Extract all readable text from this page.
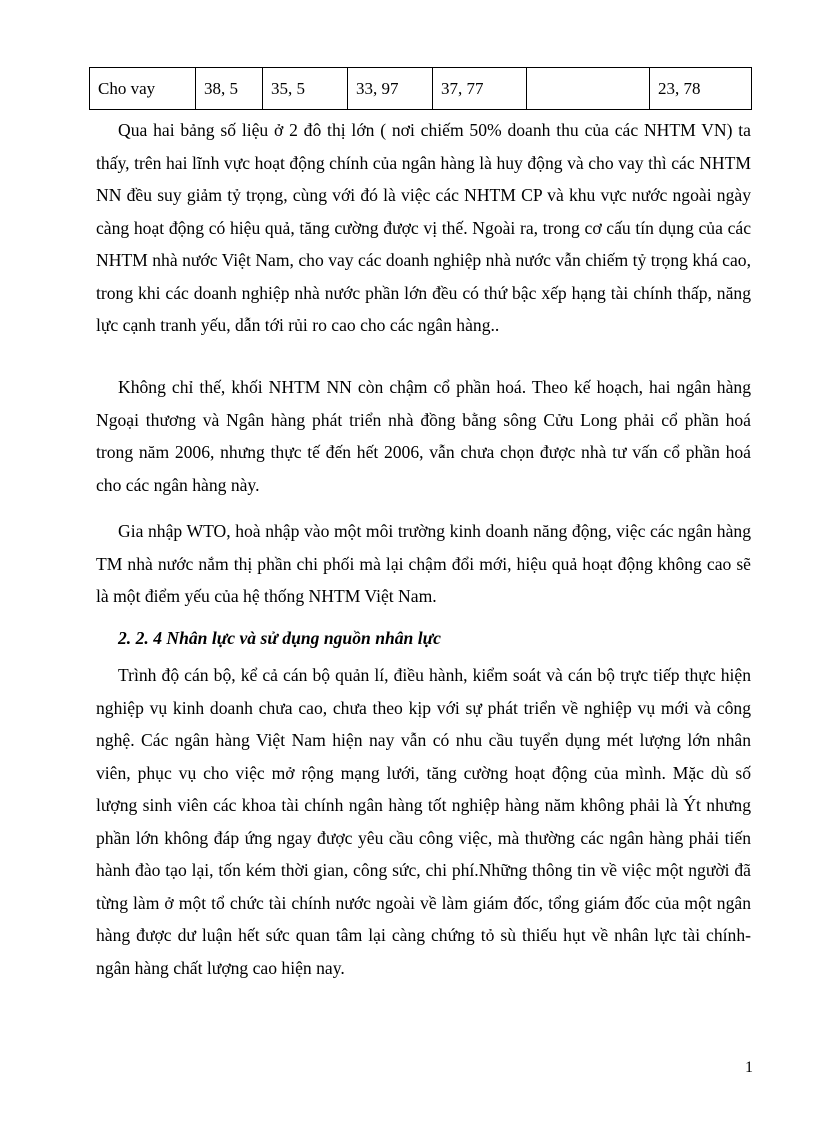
Cho vay	38, 5	35, 5	33, 97	37, 77		23, 78

Qua hai bảng số liệu ở 2 đô thị lớn ( nơi chiếm 50% doanh thu của các NHTM VN) ta thấy, trên hai lĩnh vực hoạt động chính của ngân hàng là huy động và cho vay thì các NHTM NN đều suy giảm tỷ trọng, cùng với đó là việc các NHTM CP và khu vực nước ngoài ngày càng hoạt động có hiệu quả, tăng cường được vị thế. Ngoài ra, trong cơ cấu tín dụng của các NHTM nhà nước Việt Nam, cho vay các doanh nghiệp nhà nước vẫn chiếm tỷ trọng khá cao, trong khi các doanh nghiệp nhà nước phần lớn đều có thứ bậc xếp hạng tài chính thấp, năng lực cạnh tranh yếu, dẫn tới rủi ro cao cho các ngân hàng..

Không chỉ thế, khối NHTM NN còn chậm cổ phần hoá. Theo kế hoạch, hai ngân hàng Ngoại thương và Ngân hàng phát triển nhà đồng bằng sông Cửu Long phải cổ phần hoá trong năm 2006, nhưng thực tế đến hết 2006, vẫn chưa chọn được nhà tư vấn cổ phần hoá cho các ngân hàng này.

Gia nhập WTO, hoà nhập vào một môi trường kinh doanh năng động, việc các ngân hàng TM nhà nước nắm thị phần chi phối mà lại chậm đổi mới, hiệu quả hoạt động không cao sẽ là một điểm yếu của hệ thống NHTM Việt Nam.

2. 2. 4 Nhân lực và sử dụng nguồn nhân lực

Trình độ cán bộ, kể cả cán bộ quản lí, điều hành, kiểm soát và cán bộ trực tiếp thực hiện nghiệp vụ kinh doanh chưa cao, chưa theo kịp với sự phát triển về nghiệp vụ mới và công nghệ. Các ngân hàng Việt Nam hiện nay vẫn có nhu cầu tuyển dụng mét lượng lớn nhân viên, phục vụ cho việc mở rộng mạng lưới, tăng cường hoạt động của mình. Mặc dù số lượng sinh viên các khoa tài chính ngân hàng tốt nghiệp hàng năm không phải là Ýt nhưng phần lớn không đáp ứng ngay được yêu cầu công việc, mà thường các ngân hàng phải tiến hành đào tạo lại, tốn kém thời gian, công sức, chi phí.Những thông tin về việc một người đã từng làm ở một tổ chức tài chính nước ngoài về làm giám đốc, tổng giám đốc của một ngân hàng được dư luận hết sức quan tâm lại càng chứng tỏ sù thiếu hụt về nhân lực tài chính- ngân hàng chất lượng cao hiện nay.

1
